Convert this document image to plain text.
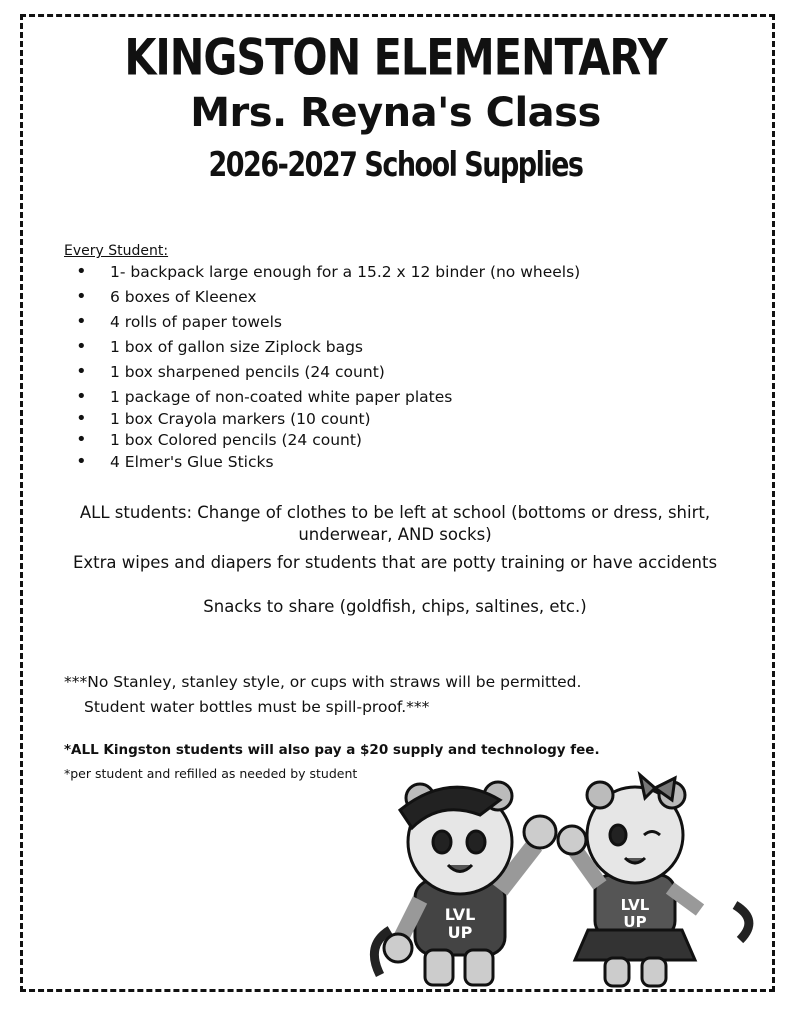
KINGSTON ELEMENTARY
Mrs. Reyna's Class
2026-2027 School Supplies
Every Student:
• 1- backpack large enough for a 15.2 x 12 binder (no wheels)
• 6 boxes of Kleenex
• 4 rolls of paper towels
• 1 box of gallon size Ziplock bags
• 1 box sharpened pencils (24 count)
• 1 package of non-coated white paper plates
• 1 box Crayola markers (10 count)
• 1 box Colored pencils (24 count)
• 4 Elmer's Glue Sticks
ALL students: Change of clothes to be left at school (bottoms or dress, shirt, underwear, AND socks)
Extra wipes and diapers for students that are potty training or have accidents
Snacks to share (goldfish, chips, saltines, etc.)
***No Stanley, stanley style, or cups with straws will be permitted.
Student water bottles must be spill-proof.***
*ALL Kingston students will also pay a $20 supply and technology fee.
*per student and refilled as needed by student
LVL
UP
LVL
UP
